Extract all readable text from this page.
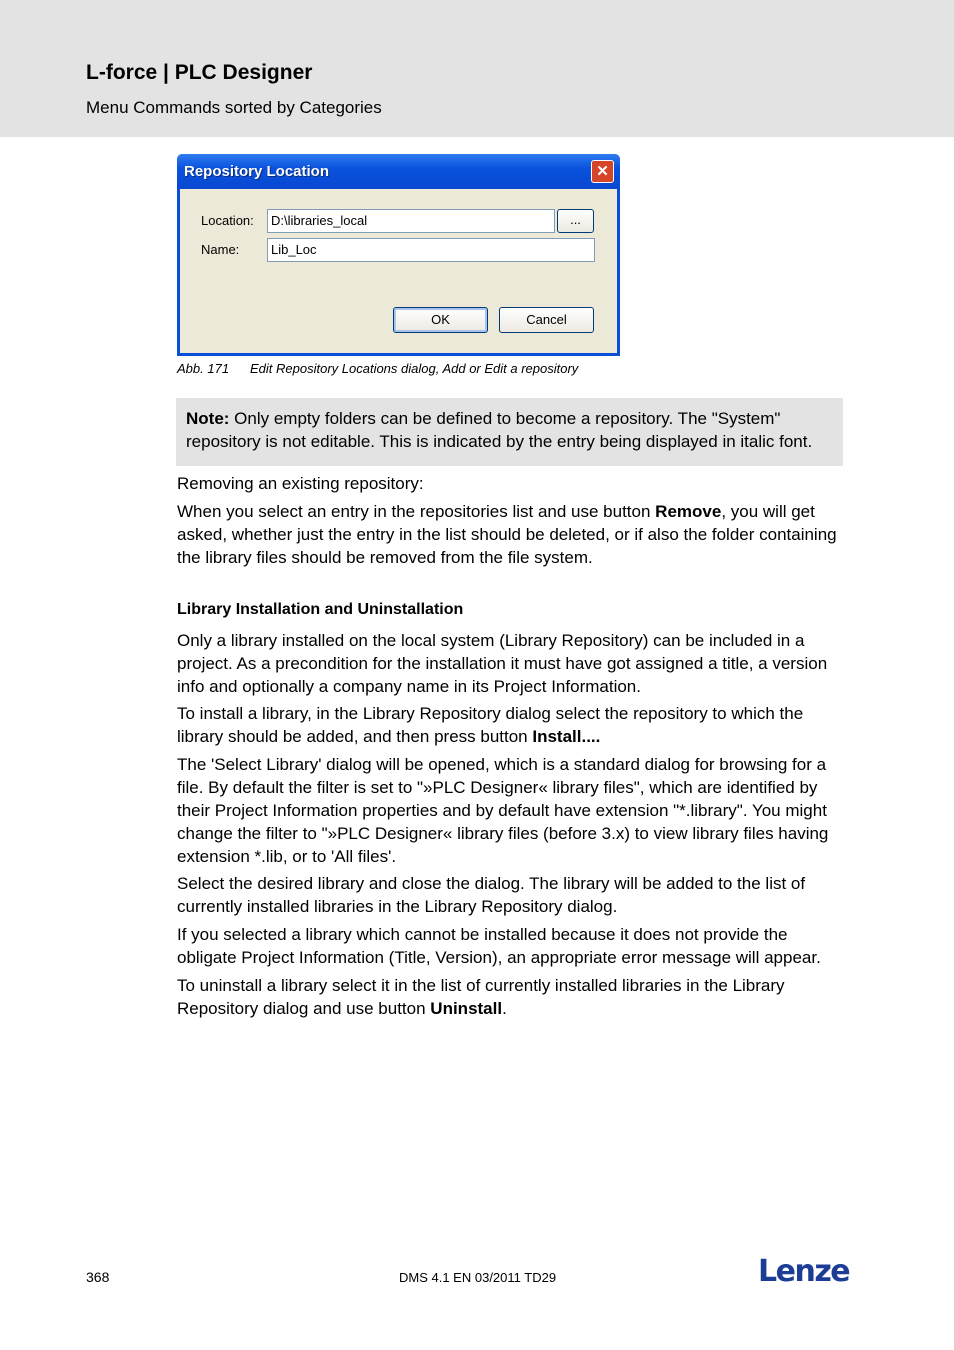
L-force | PLC Designer
Menu Commands sorted by Categories
Repository Location	✕
Location:	D:\libraries_local	...
Name:	Lib_Loc
OK	Cancel
Abb. 171 Edit Repository Locations dialog, Add or Edit a repository
Note: Only empty folders can be defined to become a repository. The "System" repository is not editable. This is indicated by the entry being displayed in italic font.
Removing an existing repository:
When you select an entry in the repositories list and use button Remove, you will get asked, whether just the entry in the list should be deleted, or if also the folder containing the library files should be removed from the file system.
Library Installation and Uninstallation
Only a library installed on the local system (Library Repository) can be included in a project. As a precondition for the installation it must have got assigned a title, a version info and optionally a company name in its Project Information.
To install a library, in the Library Repository dialog select the repository to which the library should be added, and then press button Install....
The 'Select Library' dialog will be opened, which is a standard dialog for browsing for a file. By default the filter is set to "»PLC Designer« library files", which are identified by their Project Information properties and by default have extension "*.library". You might change the filter to "»PLC Designer« library files (before 3.x) to view library files having extension *.lib, or to 'All files'.
Select the desired library and close the dialog. The library will be added to the list of currently installed libraries in the Library Repository dialog.
If you selected a library which cannot be installed because it does not provide the obligate Project Information (Title, Version), an appropriate error message will appear.
To uninstall a library select it in the list of currently installed libraries in the Library Repository dialog and use button Uninstall.
368	DMS 4.1 EN 03/2011 TD29	Lenze
